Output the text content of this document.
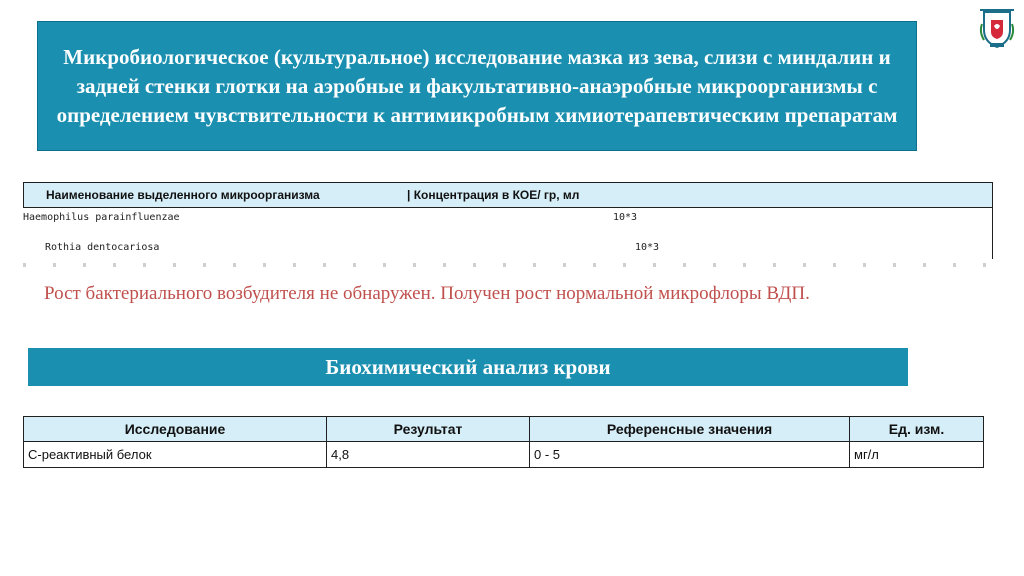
Микробиологическое (культуральное) исследование мазка из зева, слизи с миндалин и задней стенки глотки на аэробные и факультативно-анаэробные микроорганизмы с определением чувствительности к антимикробным химиотерапевтическим препаратам
Наименование выделенного микроорганизма	| Концентрация в КОЕ/ гр, мл
Haemophilus parainfluenzae	10*3
Rothia dentocariosa	10*3
Рост бактериального возбудителя не обнаружен. Получен рост нормальной микрофлоры ВДП.
Биохимический анализ крови
Исследование	Результат	Референсные значения	Ед. изм.
С-реактивный белок	4,8	0 - 5	мг/л
